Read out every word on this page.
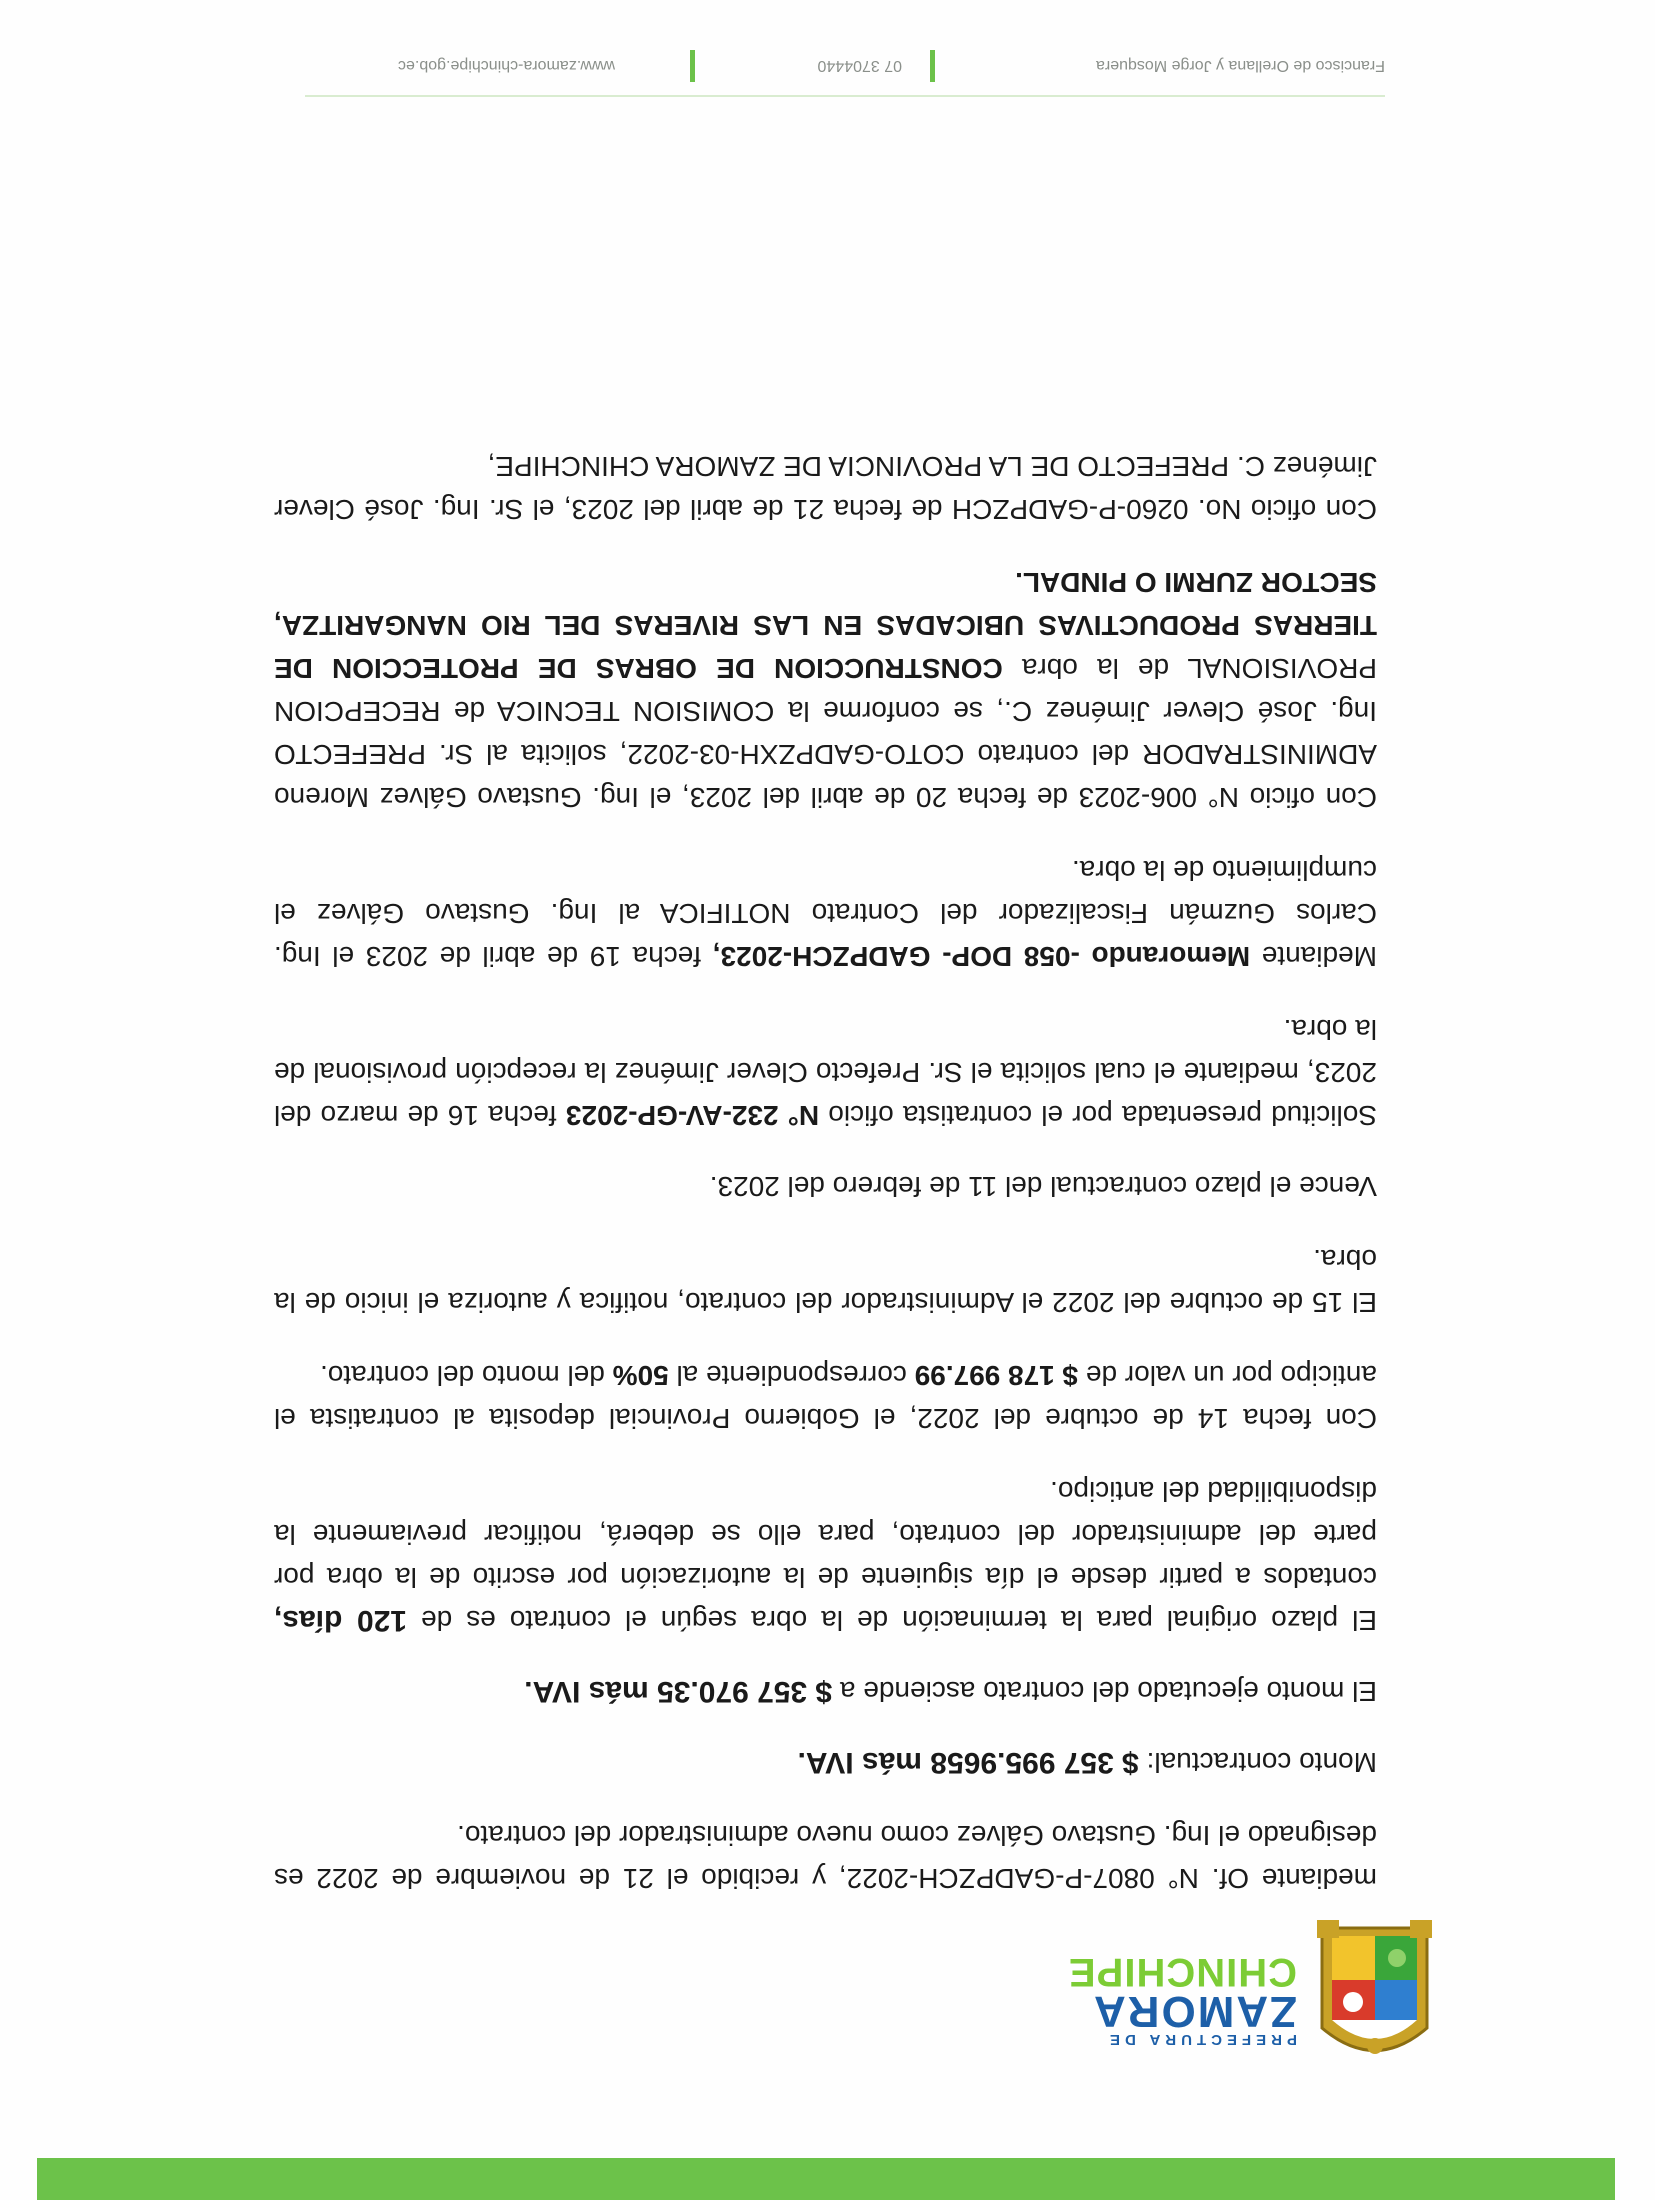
PREFECTURA DE
ZAMORA
CHINCHIPE

mediante Of. N° 0807-P-GADPZCH-2022, y recibido el 21 de noviembre de 2022 es designado el Ing. Gustavo Gálvez como nuevo administrador del contrato.

Monto contractual: $ 357 995.9658 más IVA.

El monto ejecutado del contrato asciende a $ 357 970.35 más IVA.

El plazo original para la terminación de la obra según el contrato es de 120 días, contados a partir desde el día siguiente de la autorización por escrito de la obra por parte del administrador del contrato, para ello se deberá, notificar previamente la disponibilidad del anticipo.

Con fecha 14 de octubre del 2022, el Gobierno Provincial deposita al contratista el anticipo por un valor de $ 178 997.99 correspondiente al 50% del monto del contrato.

El 15 de octubre del 2022 el Administrador del contrato, notifica y autoriza el inicio de la obra.

Vence el plazo contractual del 11 de febrero del 2023.

Solicitud presentada por el contratista oficio N° 232-AV-GP-2023 fecha 16 de marzo del 2023, mediante el cual solicita el Sr. Prefecto Clever Jiménez la recepción provisional de la obra.

Mediante Memorando -058 DOP- GADPZCH-2023, fecha 19 de abril de 2023 el Ing. Carlos Guzmán Fiscalizador del Contrato NOTIFICA al Ing. Gustavo Gálvez el cumplimiento de la obra.

Con oficio N° 006-2023 de fecha 20 de abril del 2023, el Ing. Gustavo Gálvez Moreno ADMINISTRADOR del contrato COTO-GADPZXH-03-2022, solicita al Sr. PREFECTO Ing. José Clever Jiménez C., se conforme la COMISION TECNICA de RECEPCION PROVISIONAL de la obra CONSTRUCCION DE OBRAS DE PROTECCION DE TIERRAS PRODUCTIVAS UBICADAS EN LAS RIVERAS DEL RIO NANGARITZA, SECTOR ZURMI O PINDAL.

Con oficio No. 0260-P-GADPZCH de fecha 21 de abril del 2023, el Sr. Ing. José Clever Jiménez C. PREFECTO DE LA PROVINCIA DE ZAMORA CHINCHIPE,

Francisco de Orellana y Jorge Mosquera
07 3704440
www.zamora-chinchipe.gob.ec
